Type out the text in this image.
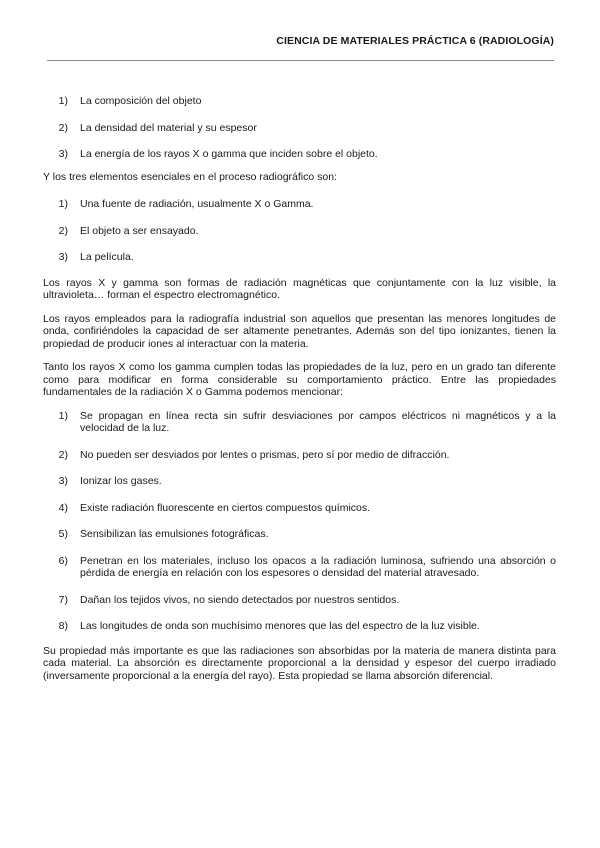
CIENCIA DE MATERIALES PRÁCTICA 6 (RADIOLOGÍA)
1)	La composición del objeto
2)	La densidad del material y su espesor
3)	La energía de los rayos X o gamma que inciden sobre el objeto.

Y los tres elementos esenciales en el proceso radiográfico son:

1)	Una fuente de radiación, usualmente X o Gamma.
2)	El objeto a ser ensayado.
3)	La película.

Los rayos X y gamma son formas de radiación magnéticas que conjuntamente con la luz visible, la ultravioleta… forman el espectro electromagnético.

Los rayos empleados para la radiografía industrial son aquellos que presentan las menores longitudes de onda, confiriéndoles la capacidad de ser altamente penetrantes. Además son del tipo ionizantes, tienen la propiedad de producir iones al interactuar con la materia.

Tanto los rayos X como los gamma cumplen todas las propiedades de la luz, pero en un grado tan diferente como para modificar en forma considerable su comportamiento práctico. Entre las propiedades fundamentales de la radiación X o Gamma podemos mencionar:

1)	Se propagan en línea recta sin sufrir desviaciones por campos eléctricos ni magnéticos y a la velocidad de la luz.
2)	No pueden ser desviados por lentes o prismas, pero sí por medio de difracción.
3)	Ionizar los gases.
4)	Existe radiación fluorescente en ciertos compuestos químicos.
5)	Sensibilizan las emulsiones fotográficas.
6)	Penetran en los materiales, incluso los opacos a la radiación luminosa, sufriendo una absorción o pérdida de energía en relación con los espesores o densidad del material atravesado.
7)	Dañan los tejidos vivos, no siendo detectados por nuestros sentidos.
8)	Las longitudes de onda son muchísimo menores que las del espectro de la luz visible.

Su propiedad más importante es que las radiaciones son absorbidas por la materia de manera distinta para cada material. La absorción es directamente proporcional a la densidad y espesor del cuerpo irradiado (inversamente proporcional a la energía del rayo). Esta propiedad se llama absorción diferencial.
